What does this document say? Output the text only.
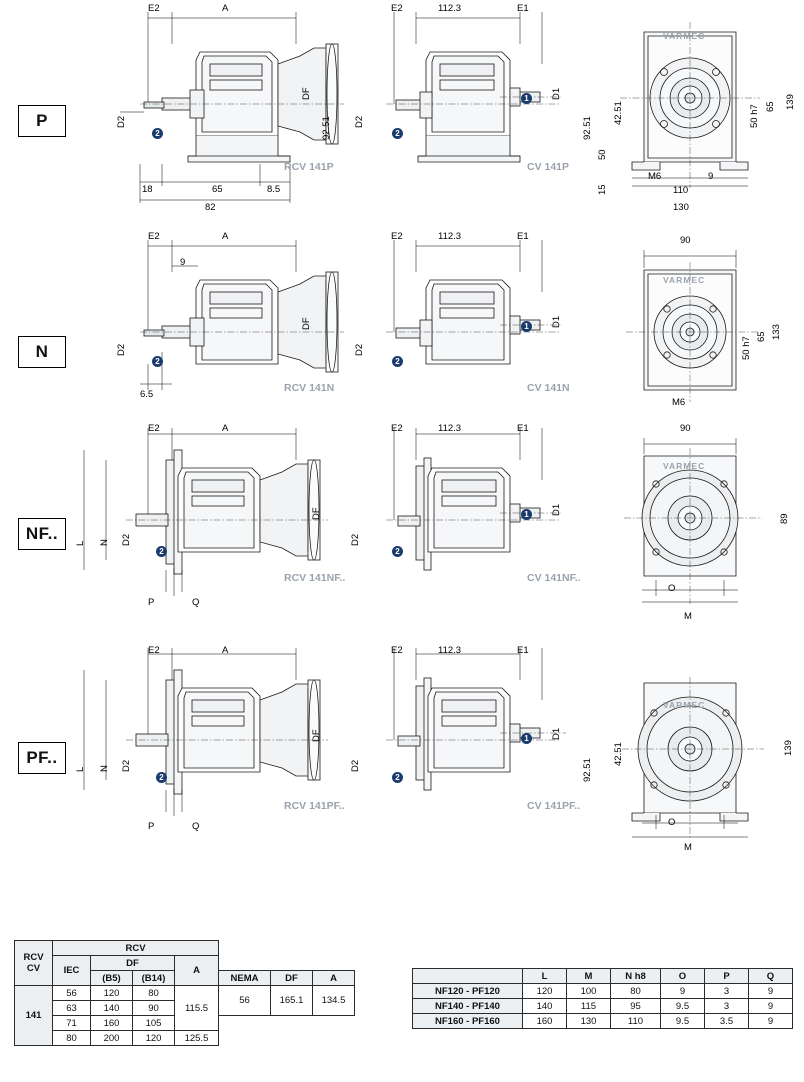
P
N
NF..
PF..
E2	A
D2
DF
92.51
18	65	8.5
82
2
RCV 141P
E2	112.3	E1
D1
D2	92.51
50
15
42.51
1
2
CV 141P
139
65
50 h7
M6	9
110
130
VARMEC
E2	A
9
D2
DF
6.5
2
RCV 141N
E2	112.3	E1
D1
D2
1
2
CV 141N
90
133
65
50 h7
M6
VARMEC
E2	A
L N D2
DF
P	Q
2
RCV 141NF..
E2	112.3	E1
D1
D2
1
2
CV 141NF..
90
89
O
M
VARMEC
E2	A
L N D2
DF
P	Q
2
RCV 141PF..
E2	112.3	E1
D1
D2	92.51
42.51
1
2
CV 141PF..
139
O
M
VARMEC
RCV
CV	RCV						
	IEC	DF		A			
		(B5)	(B14)		NEMA	DF	A
141	56	120	80	115.5	56	165.1	134.5
	63	140	90				
	71	160	105				
	80	200	120	125.5			
	L	M	N h8	O	P	Q
NF120 - PF120	120	100	80	9	3	9
NF140 - PF140	140	115	95	9.5	3	9
NF160 - PF160	160	130	110	9.5	3.5	9
